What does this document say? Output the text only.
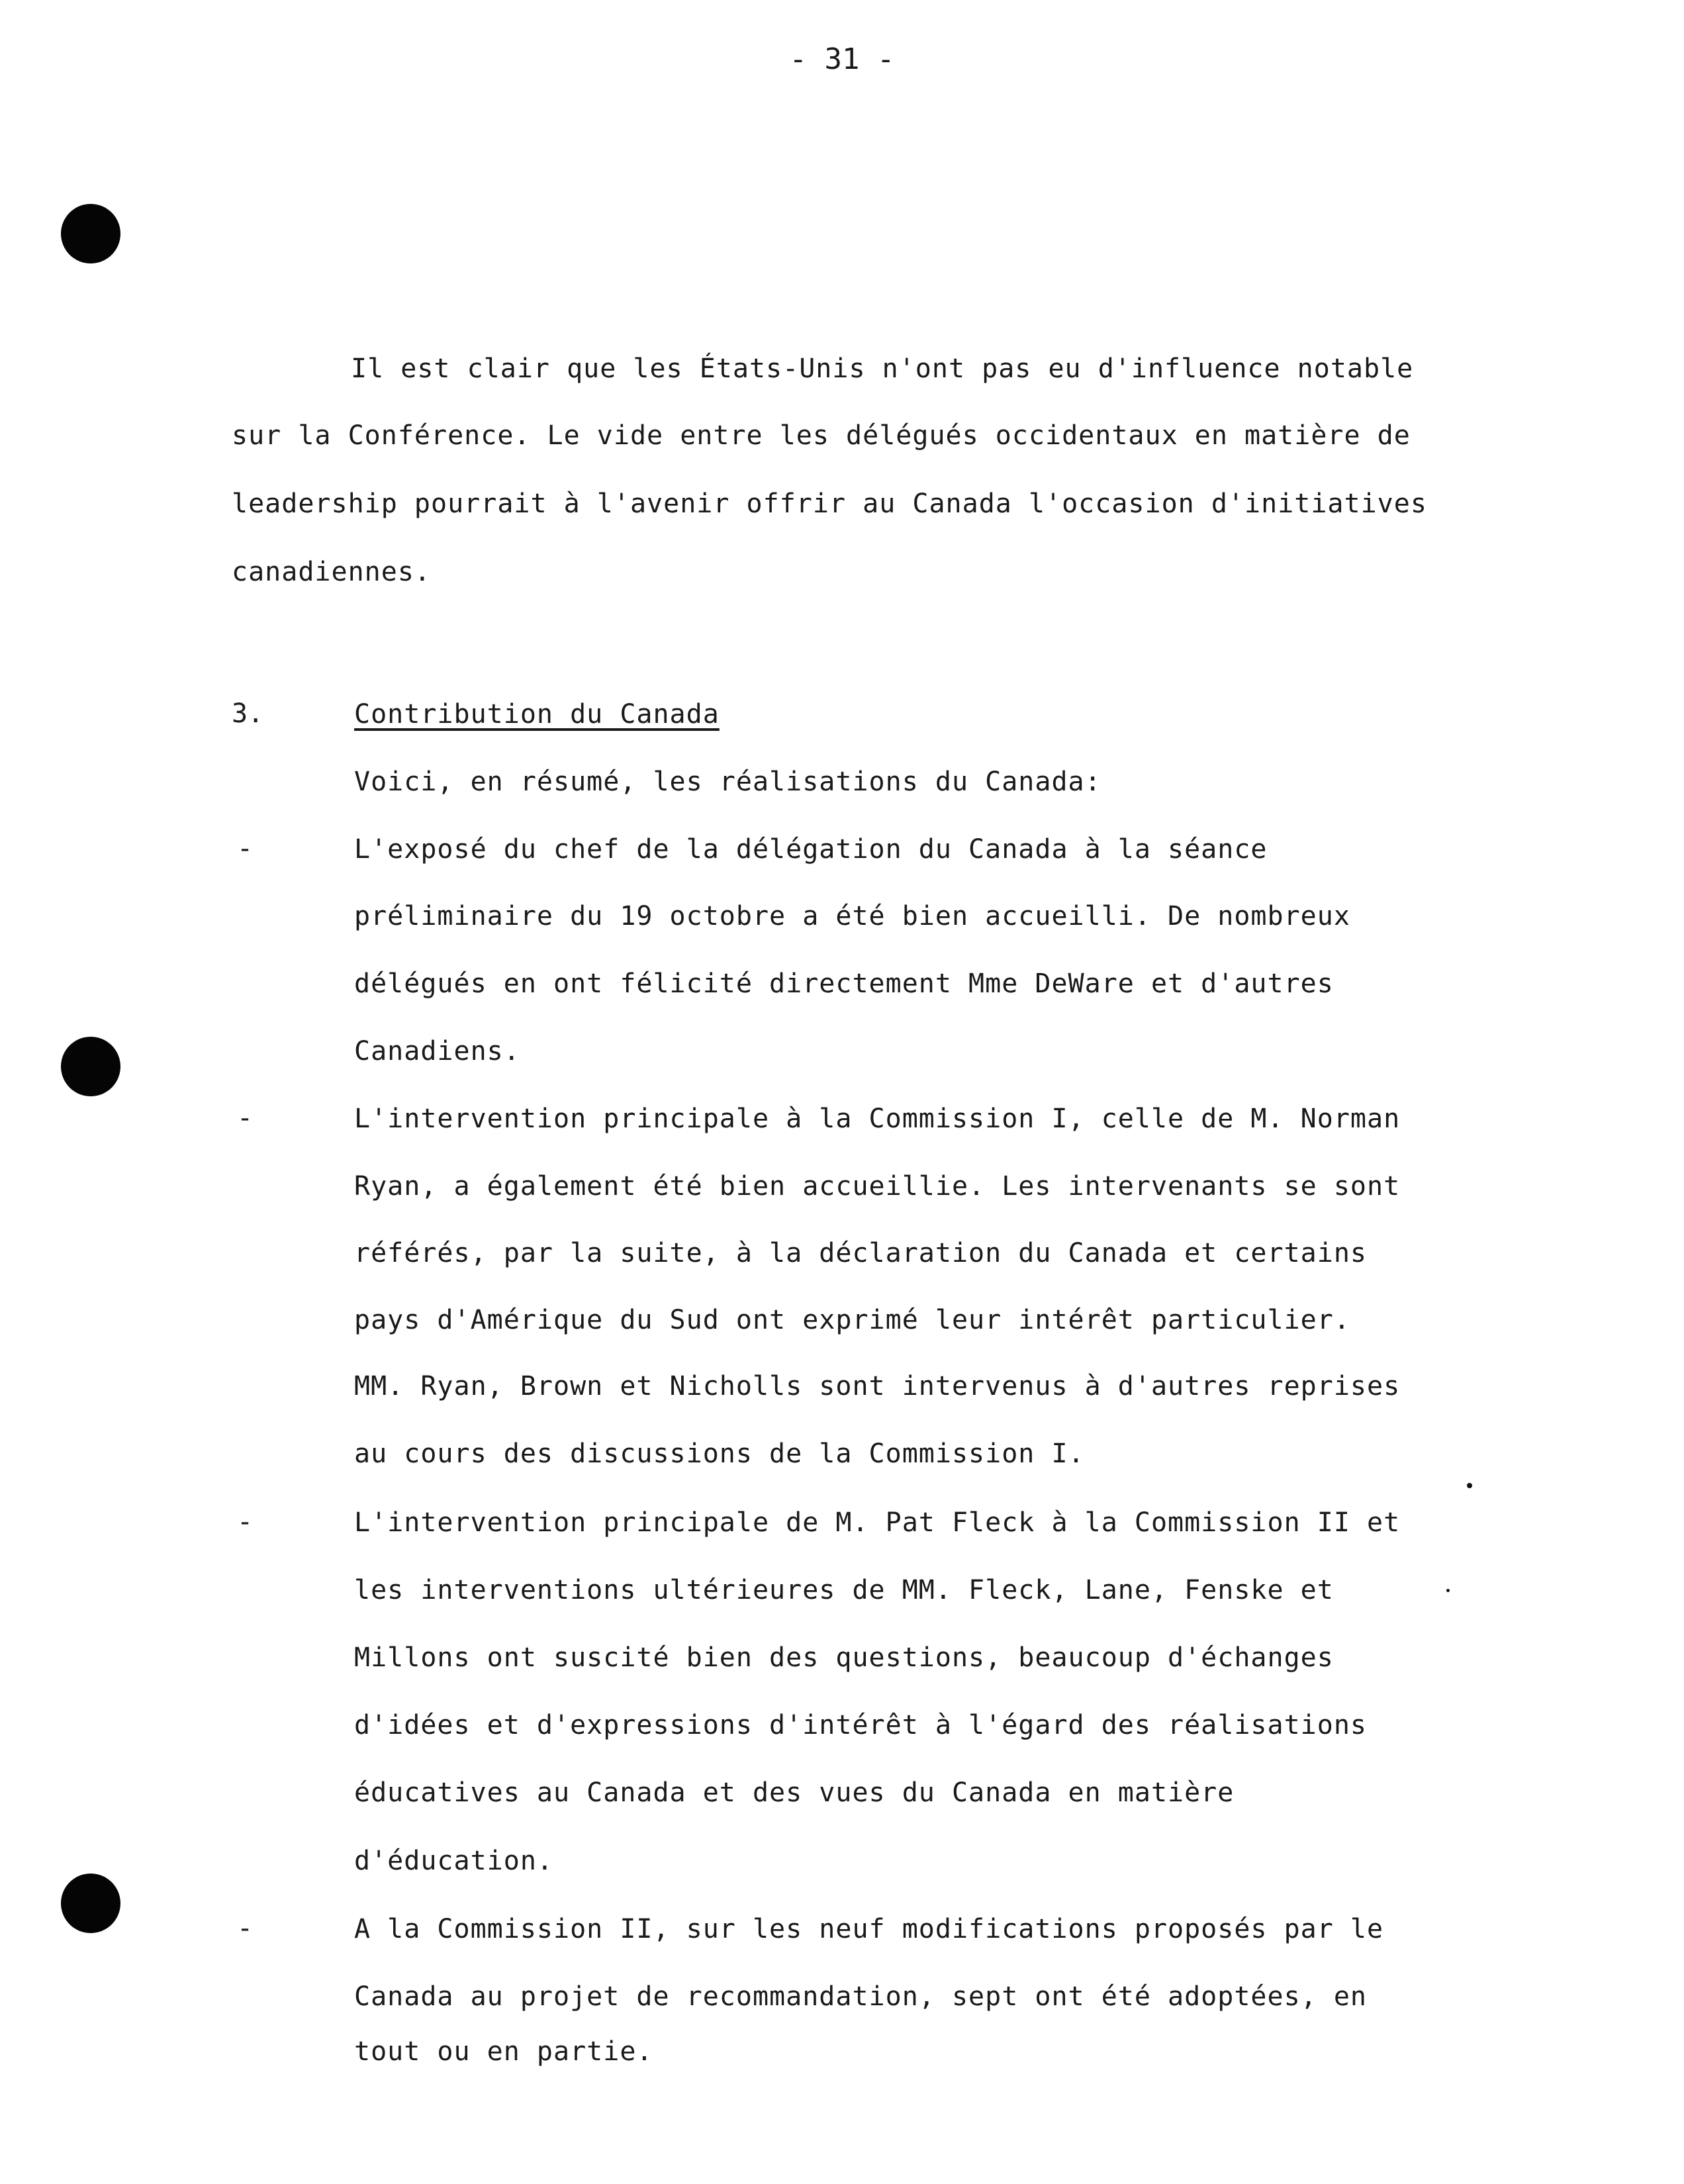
- 31 -
Il est clair que les États-Unis n'ont pas eu d'influence notable
sur la Conférence. Le vide entre les délégués occidentaux en matière de
leadership pourrait à l'avenir offrir au Canada l'occasion d'initiatives
canadiennes.
3.	Contribution du Canada
Voici, en résumé, les réalisations du Canada:
-	L'exposé du chef de la délégation du Canada à la séance
préliminaire du 19 octobre a été bien accueilli. De nombreux
délégués en ont félicité directement Mme DeWare et d'autres
Canadiens.
-	L'intervention principale à la Commission I, celle de M. Norman
Ryan, a également été bien accueillie. Les intervenants se sont
référés, par la suite, à la déclaration du Canada et certains
pays d'Amérique du Sud ont exprimé leur intérêt particulier.
MM. Ryan, Brown et Nicholls sont intervenus à d'autres reprises
au cours des discussions de la Commission I.
-	L'intervention principale de M. Pat Fleck à la Commission II et
les interventions ultérieures de MM. Fleck, Lane, Fenske et
Millons ont suscité bien des questions, beaucoup d'échanges
d'idées et d'expressions d'intérêt à l'égard des réalisations
éducatives au Canada et des vues du Canada en matière
d'éducation.
-	A la Commission II, sur les neuf modifications proposés par le
Canada au projet de recommandation, sept ont été adoptées, en
tout ou en partie.
